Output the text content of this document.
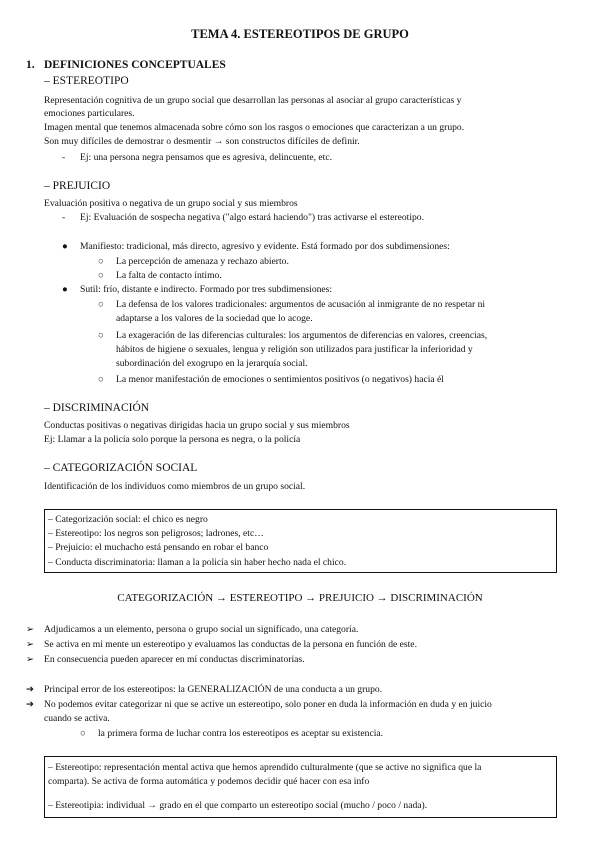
TEMA 4. ESTEREOTIPOS DE GRUPO
1. DEFINICIONES CONCEPTUALES
– ESTEREOTIPO
Representación cognitiva de un grupo social que desarrollan las personas al asociar al grupo características y
emociones particulares.
Imagen mental que tenemos almacenada sobre cómo son los rasgos o emociones que caracterizan a un grupo.
Son muy difíciles de demostrar o desmentir → son constructos difíciles de definir.
- Ej: una persona negra pensamos que es agresiva, delincuente, etc.
– PREJUICIO
Evaluación positiva o negativa de un grupo social y sus miembros
- Ej: Evaluación de sospecha negativa ("algo estará haciendo") tras activarse el estereotipo.
● Manifiesto: tradicional, más directo, agresivo y evidente. Está formado por dos subdimensiones:
○ La percepción de amenaza y rechazo abierto.
○ La falta de contacto íntimo.
● Sutil: frío, distante e indirecto. Formado por tres subdimensiones:
○ La defensa de los valores tradicionales: argumentos de acusación al inmigrante de no respetar ni
adaptarse a los valores de la sociedad que lo acoge.
○ La exageración de las diferencias culturales: los argumentos de diferencias en valores, creencias,
hábitos de higiene o sexuales, lengua y religión son utilizados para justificar la inferioridad y
subordinación del exogrupo en la jerarquía social.
○ La menor manifestación de emociones o sentimientos positivos (o negativos) hacia él
– DISCRIMINACIÓN
Conductas positivas o negativas dirigidas hacia un grupo social y sus miembros
Ej: Llamar a la policía solo porque la persona es negra, o la policía
– CATEGORIZACIÓN SOCIAL
Identificación de los individuos como miembros de un grupo social.
– Categorización social: el chico es negro
– Estereotipo: los negros son peligrosos; ladrones, etc…
– Prejuicio: el muchacho está pensando en robar el banco
– Conducta discriminatoria: llaman a la policía sin haber hecho nada el chico.
CATEGORIZACIÓN → ESTEREOTIPO → PREJUICIO → DISCRIMINACIÓN
➢ Adjudicamos a un elemento, persona o grupo social un significado, una categoría.
➢ Se activa en mi mente un estereotipo y evaluamos las conductas de la persona en función de este.
➢ En consecuencia pueden aparecer en mí conductas discriminatorias.
➔ Principal error de los estereotipos: la GENERALIZACIÓN de una conducta a un grupo.
➔ No podemos evitar categorizar ni que se active un estereotipo, solo poner en duda la información en duda y en juicio
cuando se activa.
○ la primera forma de luchar contra los estereotipos es aceptar su existencia.
– Estereotipo: representación mental activa que hemos aprendido culturalmente (que se active no significa que la
comparta). Se activa de forma automática y podemos decidir qué hacer con esa info
– Estereotipia: individual → grado en el que comparto un estereotipo social (mucho / poco / nada).
